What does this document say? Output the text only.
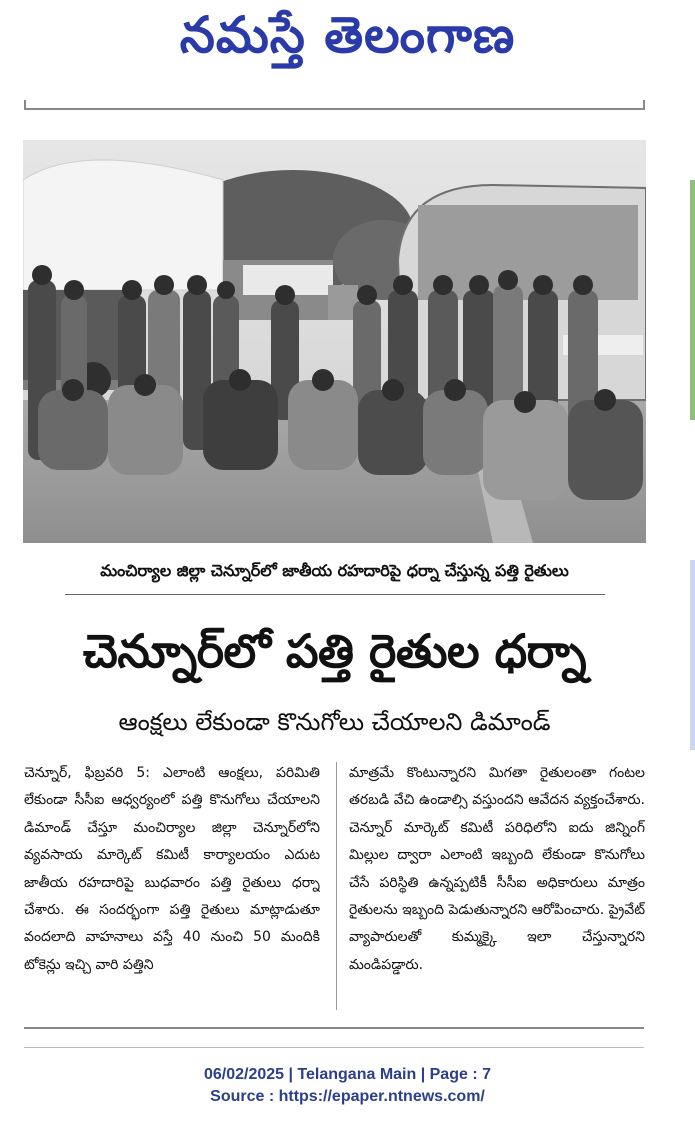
నమస్తే తెలంగాణ
మంచిర్యాల జిల్లా చెన్నూర్‌లో జాతీయ రహదారిపై ధర్నా చేస్తున్న పత్తి రైతులు
చెన్నూర్‌లో పత్తి రైతుల ధర్నా
ఆంక్షలు లేకుండా కొనుగోలు చేయాలని డిమాండ్
చెన్నూర్, ఫిబ్రవరి 5: ఎలాంటి ఆంక్షలు, పరిమితి లేకుండా సీసీఐ ఆధ్వర్యంలో పత్తి కొనుగోలు చేయాలని డిమాండ్ చేస్తూ మంచిర్యాల జిల్లా చెన్నూర్‌లోని వ్యవసాయ మార్కెట్ కమిటీ కార్యాలయం ఎదుట జాతీయ రహదారిపై బుధవారం పత్తి రైతులు ధర్నా చేశారు. ఈ సందర్భంగా పత్తి రైతులు మాట్లాడుతూ వందలాది వాహనాలు వస్తే 40 నుంచి 50 మందికి టోకెన్లు ఇచ్చి వారి పత్తిని
మాత్రమే కొంటున్నారని మిగతా రైతులంతా గంటల తరబడి వేచి ఉండాల్సి వస్తుందని ఆవేదన వ్యక్తంచేశారు. చెన్నూర్ మార్కెట్ కమిటీ పరిధిలోని ఐదు జిన్నింగ్ మిల్లుల ద్వారా ఎలాంటి ఇబ్బంది లేకుండా కొనుగోలు చేసే పరిస్థితి ఉన్నప్పటికీ సీసీఐ అధికారులు మాత్రం రైతులను ఇబ్బంది పెడుతున్నారని ఆరోపించారు. ప్రైవేట్ వ్యాపారులతో కుమ్మక్కై ఇలా చేస్తున్నారని మండిపడ్డారు.
06/02/2025 | Telangana Main | Page : 7
Source : https://epaper.ntnews.com/
